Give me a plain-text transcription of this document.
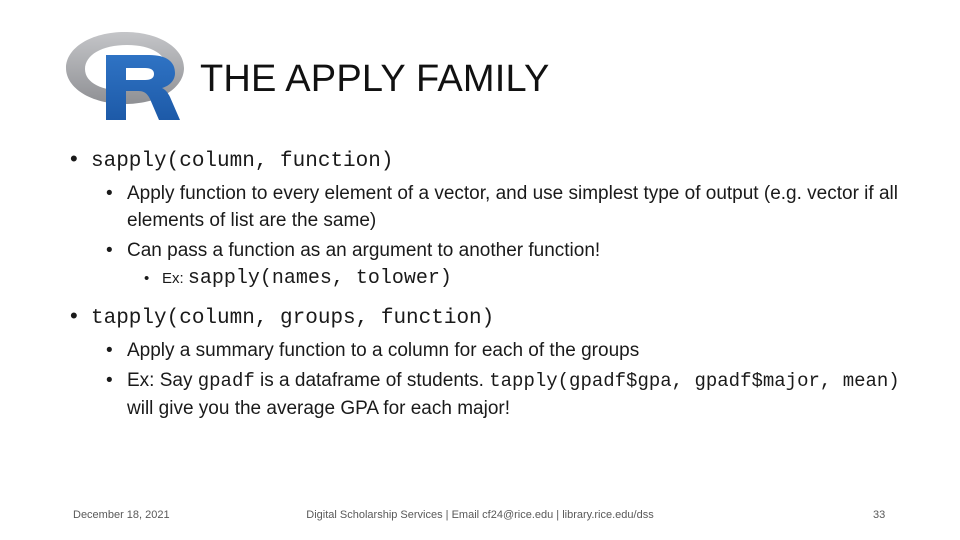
THE APPLY FAMILY
• sapply(column, function)
• Apply function to every element of a vector, and use simplest type of output (e.g. vector if all elements of list are the same)
• Can pass a function as an argument to another function!
• Ex: sapply(names, tolower)
• tapply(column, groups, function)
• Apply a summary function to a column for each of the groups
• Ex: Say gpadf is a dataframe of students. tapply(gpadf$gpa, gpadf$major, mean) will give you the average GPA for each major!
December 18, 2021	Digital Scholarship Services | Email cf24@rice.edu | library.rice.edu/dss	33
